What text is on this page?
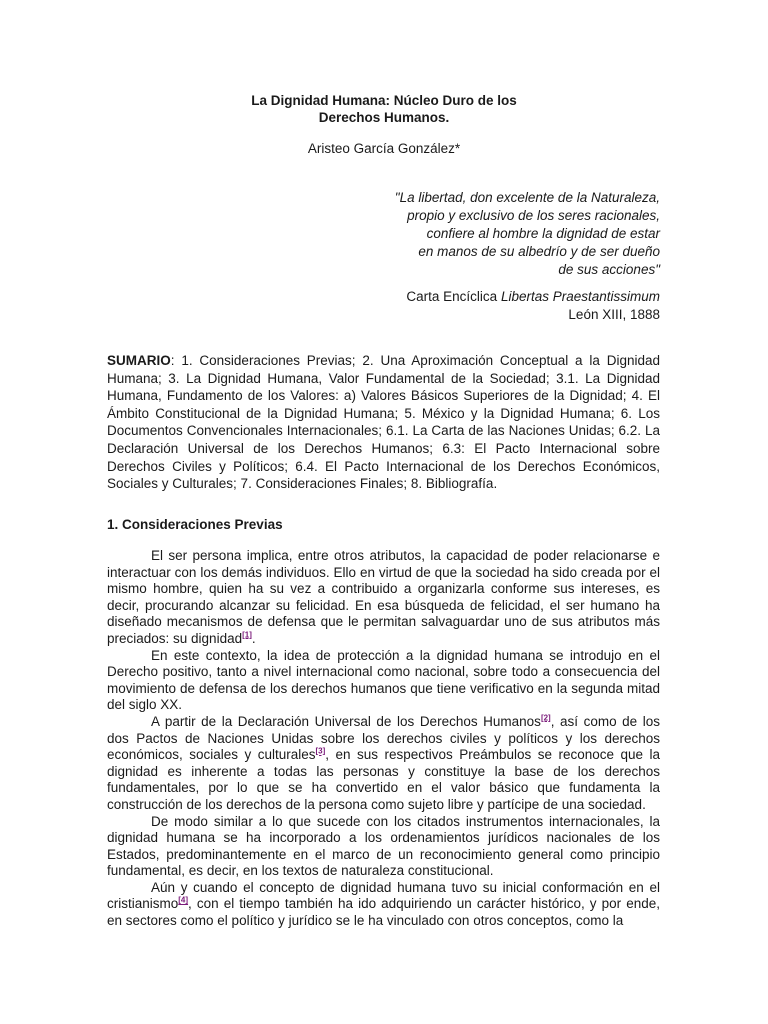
La Dignidad Humana: Núcleo Duro de los
Derechos Humanos.
Aristeo García González*
"La libertad, don excelente de la Naturaleza,
propio y exclusivo de los seres racionales,
confiere al hombre la dignidad de estar
en manos de su albedrío y de ser dueño
de sus acciones"
Carta Encíclica Libertas Praestantissimum
León XIII, 1888
SUMARIO: 1. Consideraciones Previas; 2. Una Aproximación Conceptual a la Dignidad Humana; 3. La Dignidad Humana, Valor Fundamental de la Sociedad; 3.1. La Dignidad Humana, Fundamento de los Valores: a) Valores Básicos Superiores de la Dignidad; 4. El Ámbito Constitucional de la Dignidad Humana; 5. México y la Dignidad Humana; 6. Los Documentos Convencionales Internacionales; 6.1. La Carta de las Naciones Unidas; 6.2. La Declaración Universal de los Derechos Humanos; 6.3: El Pacto Internacional sobre Derechos Civiles y Políticos; 6.4. El Pacto Internacional de los Derechos Económicos, Sociales y Culturales; 7. Consideraciones Finales; 8. Bibliografía.
1. Consideraciones Previas

El ser persona implica, entre otros atributos, la capacidad de poder relacionarse e interactuar con los demás individuos. Ello en virtud de que la sociedad ha sido creada por el mismo hombre, quien ha su vez a contribuido a organizarla conforme sus intereses, es decir, procurando alcanzar su felicidad. En esa búsqueda de felicidad, el ser humano ha diseñado mecanismos de defensa que le permitan salvaguardar uno de sus atributos más preciados: su dignidad[1].

En este contexto, la idea de protección a la dignidad humana se introdujo en el Derecho positivo, tanto a nivel internacional como nacional, sobre todo a consecuencia del movimiento de defensa de los derechos humanos que tiene verificativo en la segunda mitad del siglo XX.

A partir de la Declaración Universal de los Derechos Humanos[2], así como de los dos Pactos de Naciones Unidas sobre los derechos civiles y políticos y los derechos económicos, sociales y culturales[3], en sus respectivos Preámbulos se reconoce que la dignidad es inherente a todas las personas y constituye la base de los derechos fundamentales, por lo que se ha convertido en el valor básico que fundamenta la construcción de los derechos de la persona como sujeto libre y partícipe de una sociedad.

De modo similar a lo que sucede con los citados instrumentos internacionales, la dignidad humana se ha incorporado a los ordenamientos jurídicos nacionales de los Estados, predominantemente en el marco de un reconocimiento general como principio fundamental, es decir, en los textos de naturaleza constitucional.

Aún y cuando el concepto de dignidad humana tuvo su inicial conformación en el cristianismo[4], con el tiempo también ha ido adquiriendo un carácter histórico, y por ende, en sectores como el político y jurídico se le ha vinculado con otros conceptos, como la
